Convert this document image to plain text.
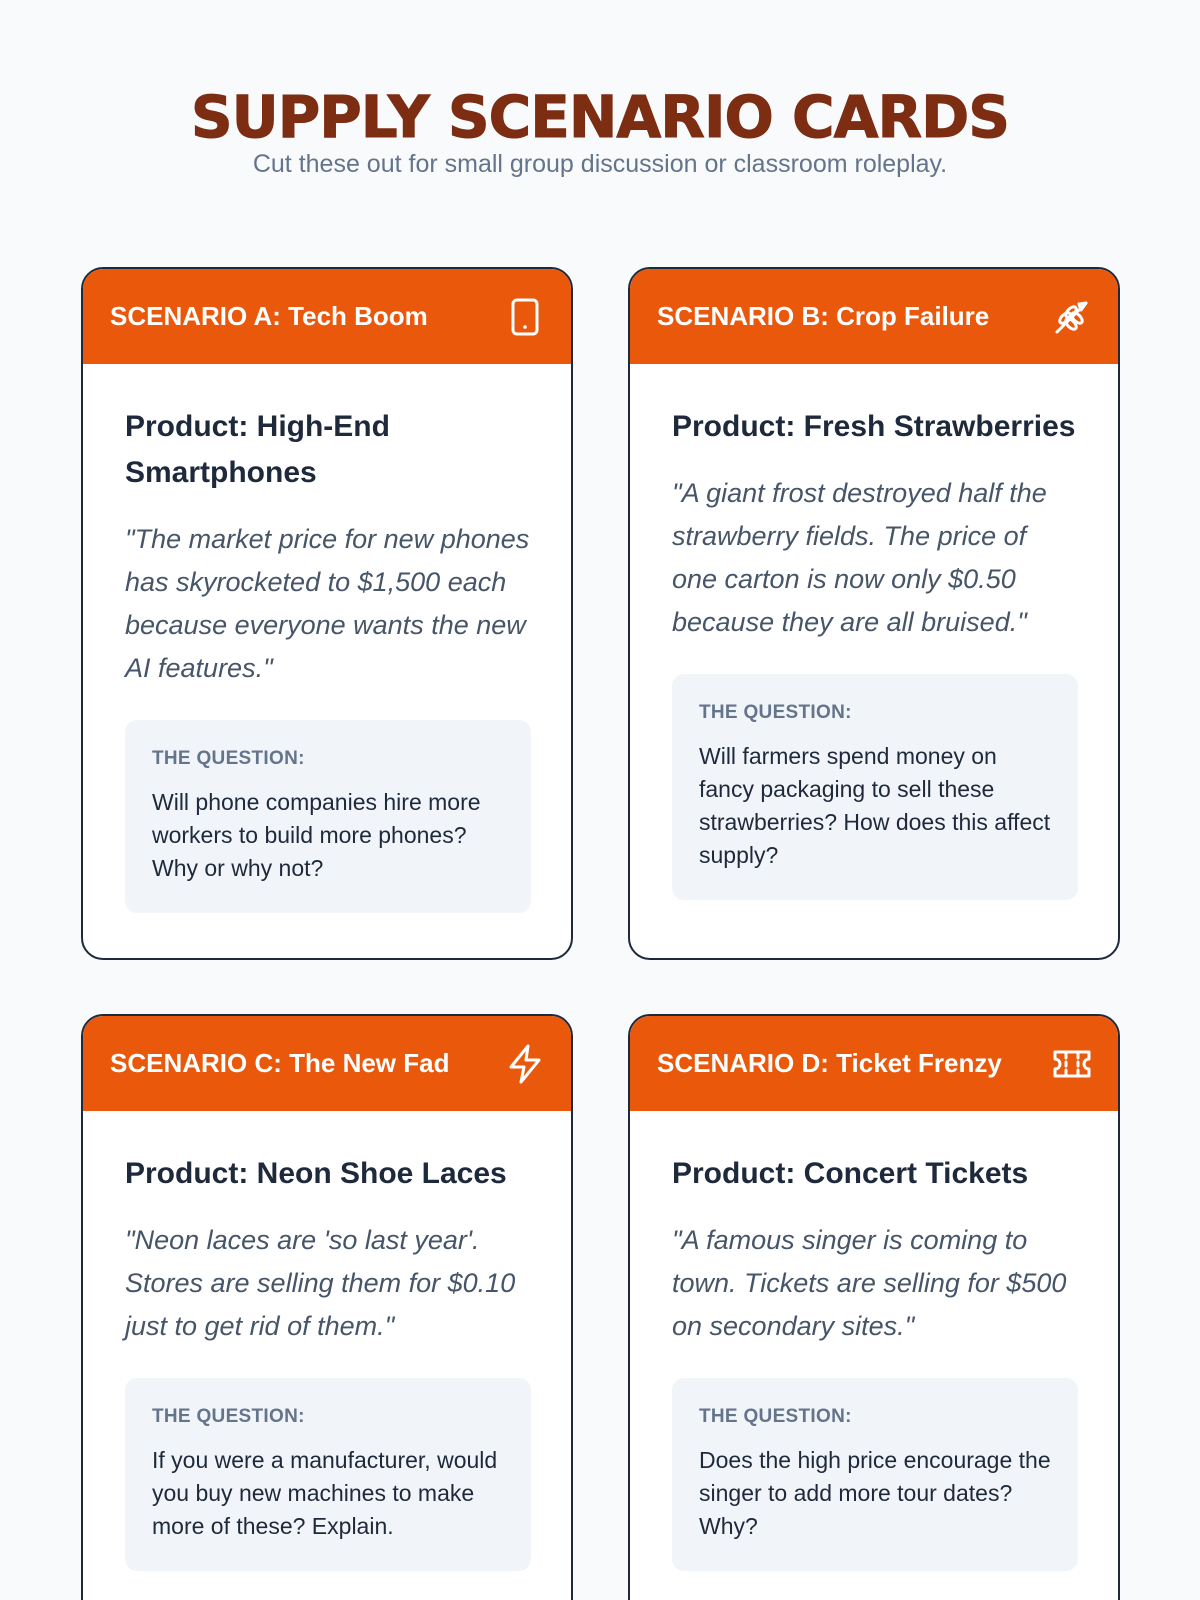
SUPPLY SCENARIO CARDS

Cut these out for small group discussion or classroom roleplay.

SCENARIO A: Tech Boom
Product: High-End Smartphones
"The market price for new phones has skyrocketed to $1,500 each because everyone wants the new AI features."
THE QUESTION:
Will phone companies hire more workers to build more phones? Why or why not?
SCENARIO B: Crop Failure
Product: Fresh Strawberries
"A giant frost destroyed half the strawberry fields. The price of one carton is now only $0.50 because they are all bruised."
THE QUESTION:
Will farmers spend money on fancy packaging to sell these strawberries? How does this affect supply?
SCENARIO C: The New Fad
Product: Neon Shoe Laces
"Neon laces are 'so last year'. Stores are selling them for $0.10 just to get rid of them."
THE QUESTION:
If you were a manufacturer, would you buy new machines to make more of these? Explain.
SCENARIO D: Ticket Frenzy
Product: Concert Tickets
"A famous singer is coming to town. Tickets are selling for $500 on secondary sites."
THE QUESTION:
Does the high price encourage the singer to add more tour dates? Why?
